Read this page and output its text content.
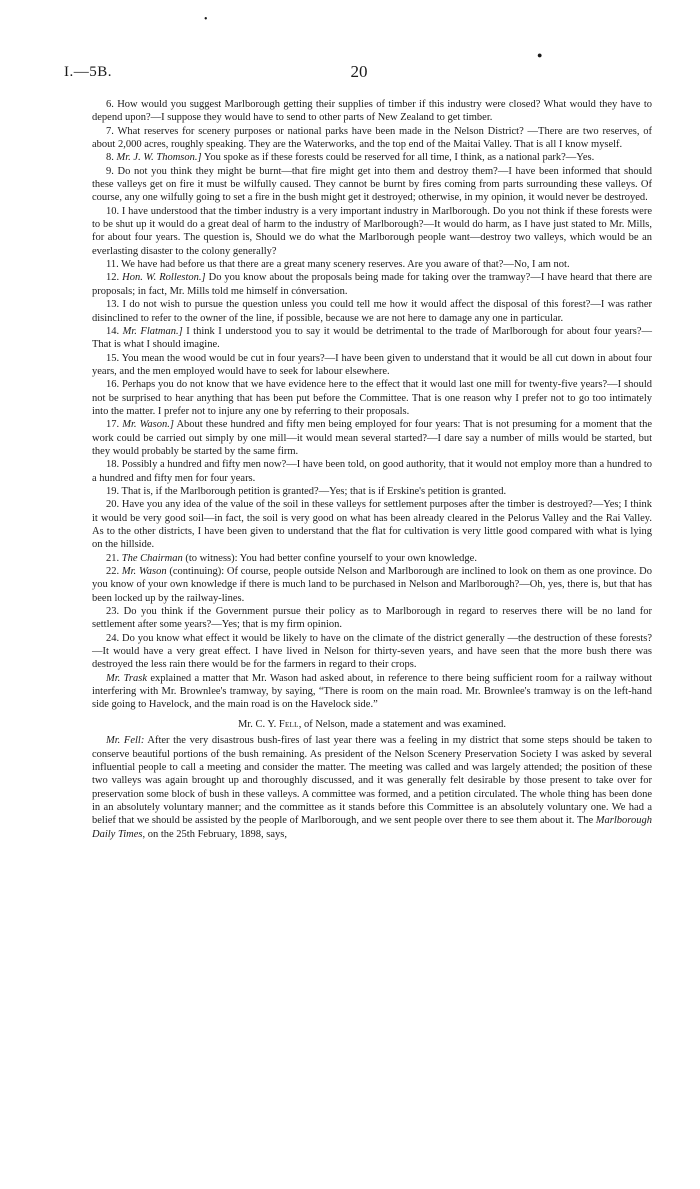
•
●
I.—5B.	20

6. How would you suggest Marlborough getting their supplies of timber if this industry were closed? What would they have to depend upon?—I suppose they would have to send to other parts of New Zealand to get timber.

7. What reserves for scenery purposes or national parks have been made in the Nelson District? —There are two reserves, of about 2,000 acres, roughly speaking. They are the Waterworks, and the top end of the Maitai Valley. That is all I know myself.

8. Mr. J. W. Thomson.] You spoke as if these forests could be reserved for all time, I think, as a national park?—Yes.

9. Do not you think they might be burnt—that fire might get into them and destroy them?—I have been informed that should these valleys get on fire it must be wilfully caused. They cannot be burnt by fires coming from parts surrounding these valleys. Of course, any one wilfully going to set a fire in the bush might get it destroyed; otherwise, in my opinion, it would never be destroyed.

10. I have understood that the timber industry is a very important industry in Marlborough. Do you not think if these forests were to be shut up it would do a great deal of harm to the industry of Marlborough?—It would do harm, as I have just stated to Mr. Mills, for about four years. The question is, Should we do what the Marlborough people want—destroy two valleys, which would be an everlasting disaster to the colony generally?

11. We have had before us that there are a great many scenery reserves. Are you aware of that?—No, I am not.

12. Hon. W. Rolleston.] Do you know about the proposals being made for taking over the tramway?—I have heard that there are proposals; in fact, Mr. Mills told me himself in cónversation.

13. I do not wish to pursue the question unless you could tell me how it would affect the disposal of this forest?—I was rather disinclined to refer to the owner of the line, if possible, because we are not here to damage any one in particular.

14. Mr. Flatman.] I think I understood you to say it would be detrimental to the trade of Marlborough for about four years?—That is what I should imagine.

15. You mean the wood would be cut in four years?—I have been given to understand that it would be all cut down in about four years, and the men employed would have to seek for labour elsewhere.

16. Perhaps you do not know that we have evidence here to the effect that it would last one mill for twenty-five years?—I should not be surprised to hear anything that has been put before the Committee. That is one reason why I prefer not to go too intimately into the matter. I prefer not to injure any one by referring to their proposals.

17. Mr. Wason.] About these hundred and fifty men being employed for four years: That is not presuming for a moment that the work could be carried out simply by one mill—it would mean several started?—I dare say a number of mills would be started, but they would probably be started by the same firm.

18. Possibly a hundred and fifty men now?—I have been told, on good authority, that it would not employ more than a hundred to a hundred and fifty men for four years.

19. That is, if the Marlborough petition is granted?—Yes; that is if Erskine's petition is granted.

20. Have you any idea of the value of the soil in these valleys for settlement purposes after the timber is destroyed?—Yes; I think it would be very good soil—in fact, the soil is very good on what has been already cleared in the Pelorus Valley and the Rai Valley. As to the other districts, I have been given to understand that the flat for cultivation is very little good compared with what is lying on the hillside.

21. The Chairman (to witness): You had better confine yourself to your own knowledge.

22. Mr. Wason (continuing): Of course, people outside Nelson and Marlborough are inclined to look on them as one province. Do you know of your own knowledge if there is much land to be purchased in Nelson and Marlborough?—Oh, yes, there is, but that has been locked up by the railway-lines.

23. Do you think if the Government pursue their policy as to Marlborough in regard to reserves there will be no land for settlement after some years?—Yes; that is my firm opinion.

24. Do you know what effect it would be likely to have on the climate of the district generally —the destruction of these forests?—It would have a very great effect. I have lived in Nelson for thirty-seven years, and have seen that the more bush there was destroyed the less rain there would be for the farmers in regard to their crops.

Mr. Trask explained a matter that Mr. Wason had asked about, in reference to there being sufficient room for a railway without interfering with Mr. Brownlee's tramway, by saying, “There is room on the main road. Mr. Brownlee's tramway is on the left-hand side going to Havelock, and the main road is on the Havelock side.”

Mr. C. Y. Fell, of Nelson, made a statement and was examined.

Mr. Fell: After the very disastrous bush-fires of last year there was a feeling in my district that some steps should be taken to conserve beautiful portions of the bush remaining. As president of the Nelson Scenery Preservation Society I was asked by several influential people to call a meeting and consider the matter. The meeting was called and was largely attended; the position of these two valleys was again brought up and thoroughly discussed, and it was generally felt desirable by those present to take over for preservation some block of bush in these valleys. A committee was formed, and a petition circulated. The whole thing has been done in an absolutely voluntary manner; and the committee as it stands before this Committee is an absolutely voluntary one. We had a belief that we should be assisted by the people of Marlborough, and we sent people over there to see them about it. The Marlborough Daily Times, on the 25th February, 1898, says,
